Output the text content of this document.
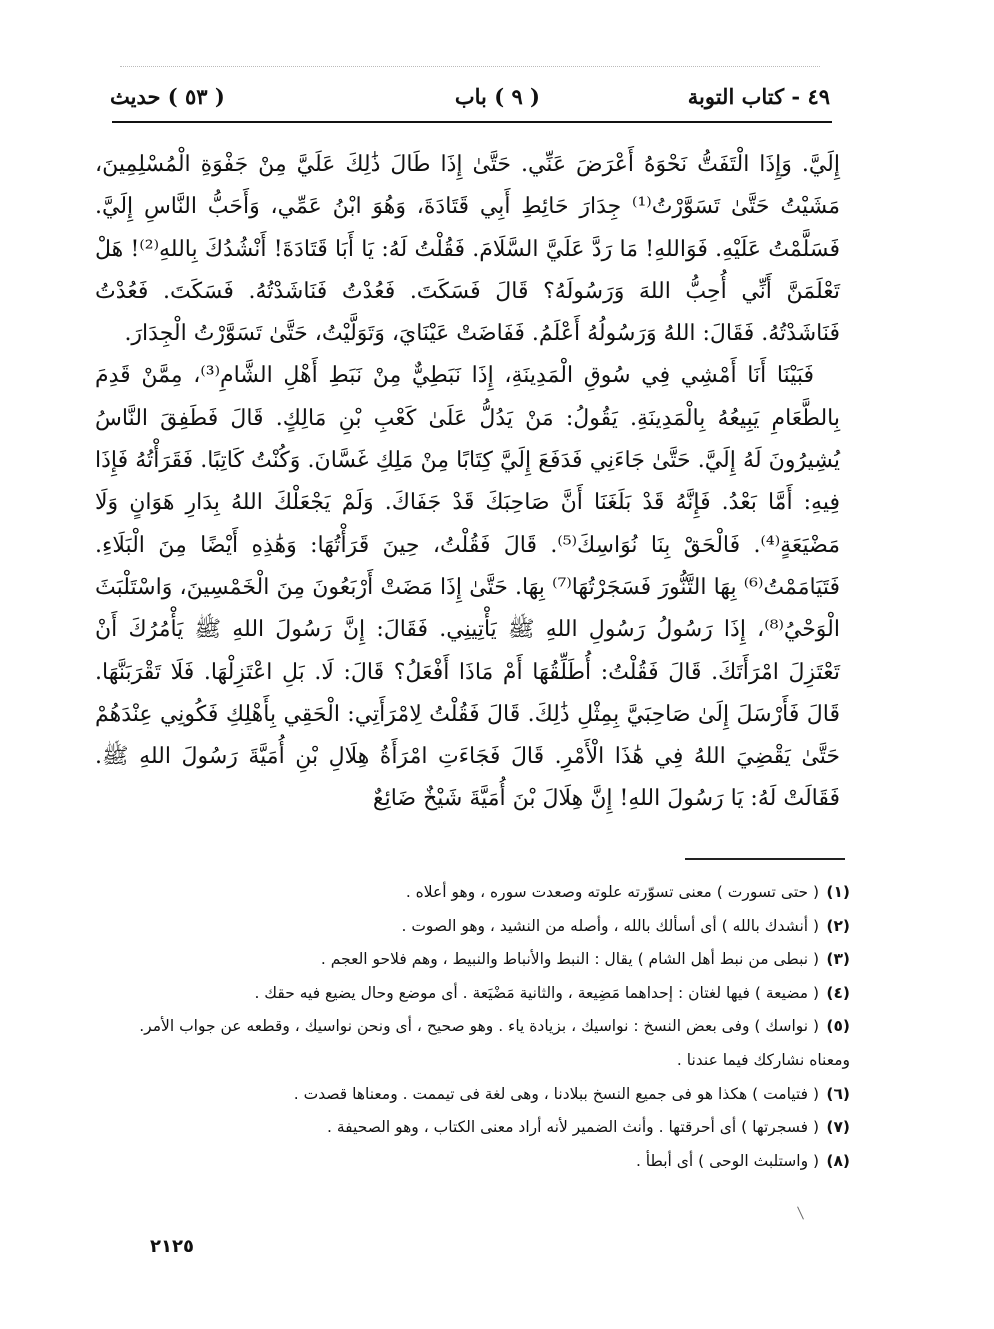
٤٩ - كتاب التوبة
( ٩ ) باب
( ٥٣ ) حديث

إِلَيَّ. وَإِذَا الْتَفَتُّ نَحْوَهُ أَعْرَضَ عَنِّي. حَتَّىٰ إِذَا طَالَ ذَٰلِكَ عَلَيَّ مِنْ جَفْوَةِ الْمُسْلِمِينَ، مَشَيْتُ حَتَّىٰ تَسَوَّرْتُ⁽¹⁾ جِدَارَ حَائِطِ أَبِي قَتَادَةَ، وَهُوَ ابْنُ عَمِّي، وَأَحَبُّ النَّاسِ إِلَيَّ. فَسَلَّمْتُ عَلَيْهِ. فَوَاللهِ! مَا رَدَّ عَلَيَّ السَّلَامَ. فَقُلْتُ لَهُ: يَا أَبَا قَتَادَةَ! أَنْشُدُكَ بِاللهِ⁽²⁾! هَلْ تَعْلَمَنَّ أَنِّي أُحِبُّ اللهَ وَرَسُولَهُ؟ قَالَ فَسَكَتَ. فَعُدْتُ فَنَاشَدْتُهُ. فَسَكَتَ. فَعُدْتُ فَنَاشَدْتُهُ. فَقَالَ: اللهُ وَرَسُولُهُ أَعْلَمُ. فَفَاضَتْ عَيْنَايَ، وَتَوَلَّيْتُ، حَتَّىٰ تَسَوَّرْتُ الْجِدَارَ.

فَبَيْنَا أَنَا أَمْشِي فِي سُوقِ الْمَدِينَةِ، إِذَا نَبَطِيٌّ مِنْ نَبَطِ أَهْلِ الشَّامِ⁽³⁾، مِمَّنْ قَدِمَ بِالطَّعَامِ يَبِيعُهُ بِالْمَدِينَةِ. يَقُولُ: مَنْ يَدُلُّ عَلَىٰ كَعْبِ بْنِ مَالِكٍ. قَالَ فَطَفِقَ النَّاسُ يُشِيرُونَ لَهُ إِلَيَّ. حَتَّىٰ جَاءَنِي فَدَفَعَ إِلَيَّ كِتَابًا مِنْ مَلِكِ غَسَّانَ. وَكُنْتُ كَاتِبًا. فَقَرَأْتُهُ فَإِذَا فِيهِ: أَمَّا بَعْدُ. فَإِنَّهُ قَدْ بَلَغَنَا أَنَّ صَاحِبَكَ قَدْ جَفَاكَ. وَلَمْ يَجْعَلْكَ اللهُ بِدَارِ هَوَانٍ وَلَا مَضْيَعَةٍ⁽⁴⁾. فَالْحَقْ بِنَا نُوَاسِكَ⁽⁵⁾. قَالَ فَقُلْتُ، حِينَ قَرَأْتُهَا: وَهَٰذِهِ أَيْضًا مِنَ الْبَلَاءِ. فَتَيَامَمْتُ⁽⁶⁾ بِهَا التَّنُّورَ فَسَجَرْتُهَا⁽⁷⁾ بِهَا. حَتَّىٰ إِذَا مَضَتْ أَرْبَعُونَ مِنَ الْخَمْسِينَ، وَاسْتَلْبَثَ الْوَحْيُ⁽⁸⁾، إِذَا رَسُولُ رَسُولِ اللهِ ﷺ يَأْتِينِي. فَقَالَ: إِنَّ رَسُولَ اللهِ ﷺ يَأْمُرُكَ أَنْ تَعْتَزِلَ امْرَأَتَكَ. قَالَ فَقُلْتُ: أُطَلِّقُهَا أَمْ مَاذَا أَفْعَلُ؟ قَالَ: لَا. بَلِ اعْتَزِلْهَا. فَلَا تَقْرَبَنَّهَا. قَالَ فَأَرْسَلَ إِلَىٰ صَاحِبَيَّ بِمِثْلِ ذَٰلِكَ. قَالَ فَقُلْتُ لِامْرَأَتِي: الْحَقِي بِأَهْلِكِ فَكُونِي عِنْدَهُمْ حَتَّىٰ يَقْضِيَ اللهُ فِي هَٰذَا الْأَمْرِ. قَالَ فَجَاءَتِ امْرَأَةُ هِلَالِ بْنِ أُمَيَّةَ رَسُولَ اللهِ ﷺ. فَقَالَتْ لَهُ: يَا رَسُولَ اللهِ! إِنَّ هِلَالَ بْنَ أُمَيَّةَ شَيْخٌ ضَائِعٌ

(١) ( حتى تسورت ) معنى تسوّرته علوته وصعدت سوره ، وهو أعلاه .

(٢) ( أنشدك بالله ) أى أسألك بالله ، وأصله من النشيد ، وهو الصوت .

(٣) ( نبطى من نبط أهل الشام ) يقال : النبط والأنباط والنبيط ، وهم فلاحو العجم .

(٤) ( مضيعة ) فيها لغتان : إحداهما مَضِيعة ، والثانية مَضْيَعة . أى موضع وحال يضيع فيه حقك .

(٥) ( نواسك ) وفى بعض النسخ : نواسيك ، بزيادة ياء . وهو صحيح ، أى ونحن نواسيك ، وقطعه عن جواب الأمر.

ومعناه نشاركك فيما عندنا .

(٦) ( فتيامت ) هكذا هو فى جميع النسخ ببلادنا ، وهى لغة فى تيممت . ومعناها قصدت .

(٧) ( فسجرتها ) أى أحرقتها . وأنث الضمير لأنه أراد معنى الكتاب ، وهو الصحيفة .

(٨) ( واستلبث الوحى ) أى أبطأ .

٢١٢٥
